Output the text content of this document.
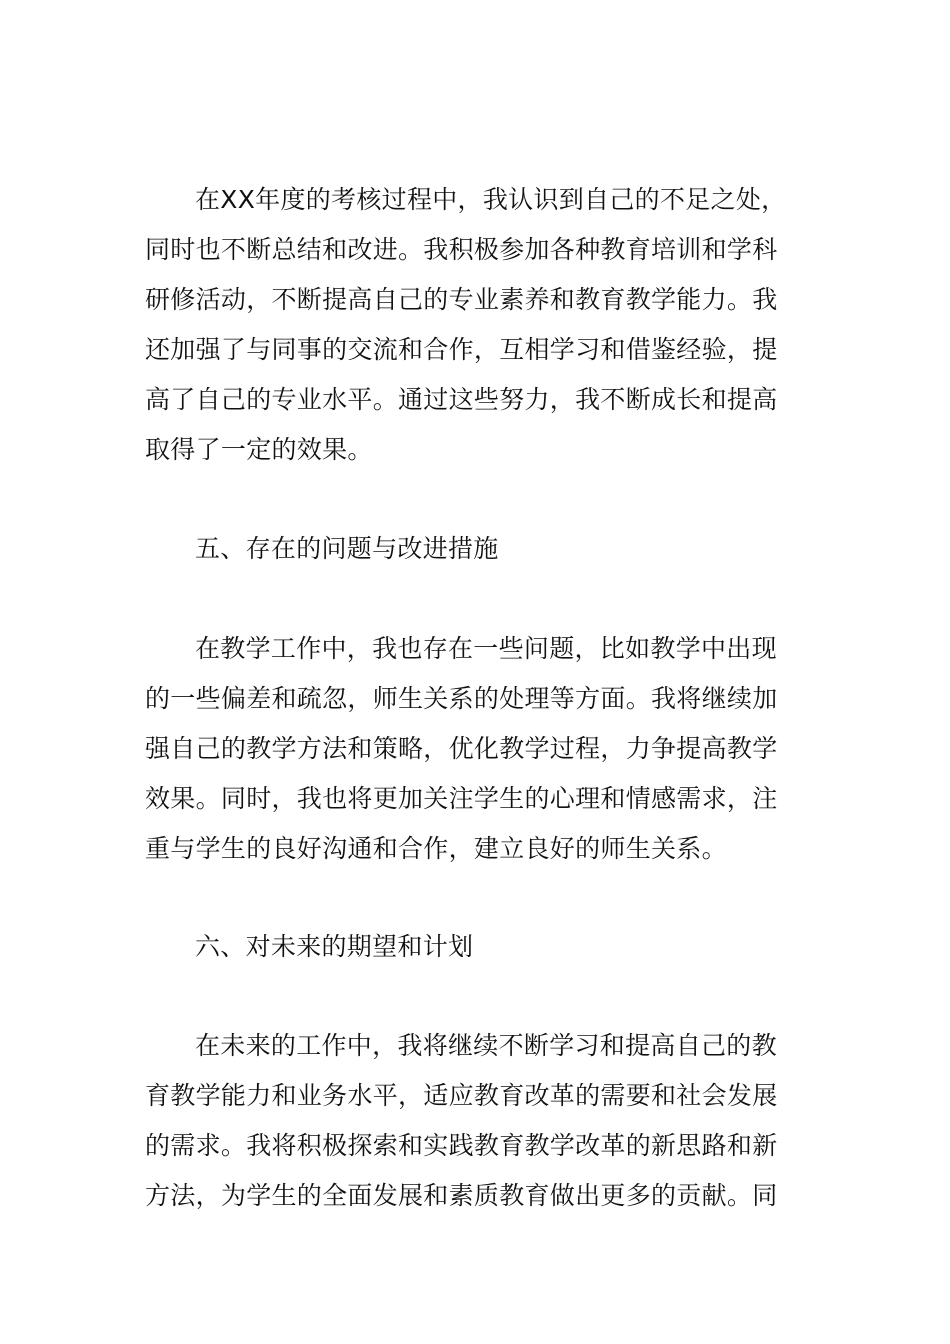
在XX年度的考核过程中，我认识到自己的不足之处，
同时也不断总结和改进。我积极参加各种教育培训和学科
研修活动，不断提高自己的专业素养和教育教学能力。我
还加强了与同事的交流和合作，互相学习和借鉴经验，提
高了自己的专业水平。通过这些努力，我不断成长和提高
取得了一定的效果。
五、存在的问题与改进措施
在教学工作中，我也存在一些问题，比如教学中出现
的一些偏差和疏忽，师生关系的处理等方面。我将继续加
强自己的教学方法和策略，优化教学过程，力争提高教学
效果。同时，我也将更加关注学生的心理和情感需求，注
重与学生的良好沟通和合作，建立良好的师生关系。
六、对未来的期望和计划
在未来的工作中，我将继续不断学习和提高自己的教
育教学能力和业务水平，适应教育改革的需要和社会发展
的需求。我将积极探索和实践教育教学改革的新思路和新
方法，为学生的全面发展和素质教育做出更多的贡献。同
